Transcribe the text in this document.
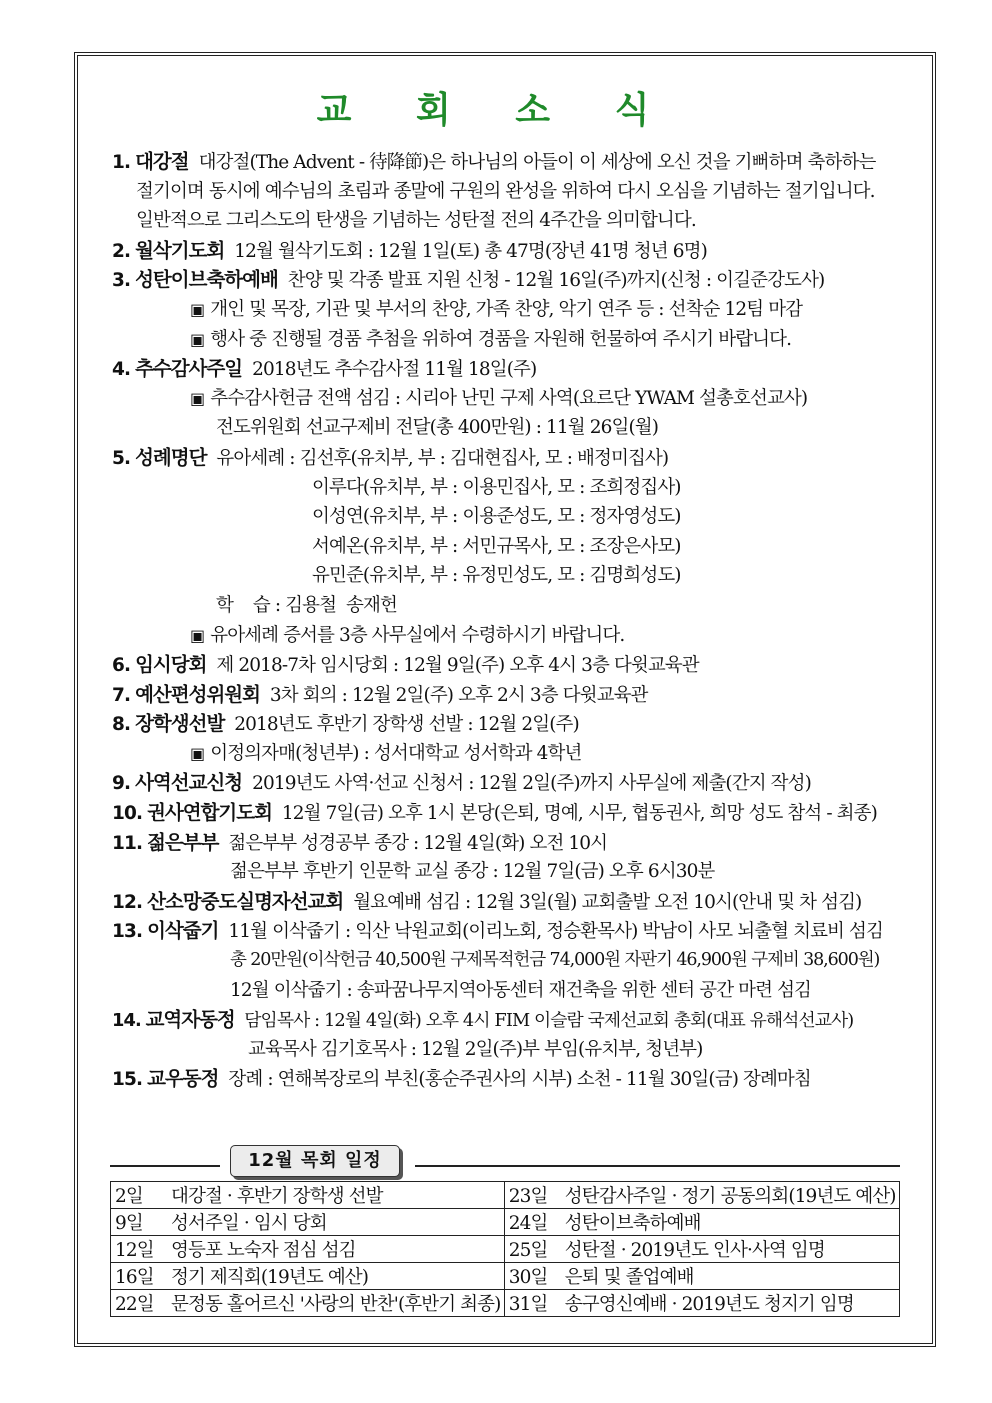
교 회 소 식
1. 대강절 대강절(The Advent - 待降節)은 하나님의 아들이 이 세상에 오신 것을 기뻐하며 축하하는
절기이며 동시에 예수님의 초림과 종말에 구원의 완성을 위하여 다시 오심을 기념하는 절기입니다.
일반적으로 그리스도의 탄생을 기념하는 성탄절 전의 4주간을 의미합니다.
2. 월삭기도회 12월 월삭기도회 : 12월 1일(토) 총 47명(장년 41명 청년 6명)
3. 성탄이브축하예배 찬양 및 각종 발표 지원 신청 - 12월 16일(주)까지(신청 : 이길준강도사)
▣ 개인 및 목장, 기관 및 부서의 찬양, 가족 찬양, 악기 연주 등 : 선착순 12팀 마감
▣ 행사 중 진행될 경품 추첨을 위하여 경품을 자원해 헌물하여 주시기 바랍니다.
4. 추수감사주일 2018년도 추수감사절 11월 18일(주)
▣ 추수감사헌금 전액 섬김 : 시리아 난민 구제 사역(요르단 YWAM 설총호선교사)
전도위원회 선교구제비 전달(총 400만원) : 11월 26일(월)
5. 성례명단 유아세례 : 김선후(유치부, 부 : 김대현집사, 모 : 배정미집사)
이루다(유치부, 부 : 이용민집사, 모 : 조희정집사)
이성연(유치부, 부 : 이용준성도, 모 : 정자영성도)
서예온(유치부, 부 : 서민규목사, 모 : 조장은사모)
유민준(유치부, 부 : 유정민성도, 모 : 김명희성도)
학    습 : 김용철  송재헌
▣ 유아세례 증서를 3층 사무실에서 수령하시기 바랍니다.
6. 임시당회 제 2018-7차 임시당회 : 12월 9일(주) 오후 4시 3층 다윗교육관
7. 예산편성위원회 3차 회의 : 12월 2일(주) 오후 2시 3층 다윗교육관
8. 장학생선발 2018년도 후반기 장학생 선발 : 12월 2일(주)
▣ 이정의자매(청년부) : 성서대학교 성서학과 4학년
9. 사역선교신청 2019년도 사역·선교 신청서 : 12월 2일(주)까지 사무실에 제출(간지 작성)
10. 권사연합기도회 12월 7일(금) 오후 1시 본당(은퇴, 명예, 시무, 협동권사, 희망 성도 참석 - 최종)
11. 젊은부부 젊은부부 성경공부 종강 : 12월 4일(화) 오전 10시
젊은부부 후반기 인문학 교실 종강 : 12월 7일(금) 오후 6시30분
12. 산소망중도실명자선교회 월요예배 섬김 : 12월 3일(월) 교회출발 오전 10시(안내 및 차 섬김)
13. 이삭줍기 11월 이삭줍기 : 익산 낙원교회(이리노회, 정승환목사) 박남이 사모 뇌출혈 치료비 섬김
총 20만원(이삭헌금 40,500원 구제목적헌금 74,000원 자판기 46,900원 구제비 38,600원)
12월 이삭줍기 : 송파꿈나무지역아동센터 재건축을 위한 센터 공간 마련 섬김
14. 교역자동정 담임목사 : 12월 4일(화) 오후 4시 FIM 이슬람 국제선교회 총회(대표 유해석선교사)
교육목사 김기호목사 : 12월 2일(주)부 부임(유치부, 청년부)
15. 교우동정 장례 : 연해복장로의 부친(홍순주권사의 시부) 소천 - 11월 30일(금) 장례마침
12월 목회 일정
2일	대강절 · 후반기 장학생 선발	23일	성탄감사주일 · 정기 공동의회(19년도 예산)
9일	성서주일 · 임시 당회	24일	성탄이브축하예배
12일	영등포 노숙자 점심 섬김	25일	성탄절 · 2019년도 인사·사역 임명
16일	정기 제직회(19년도 예산)	30일	은퇴 및 졸업예배
22일	문정동 홀어르신 '사랑의 반찬'(후반기 최종)	31일	송구영신예배 · 2019년도 청지기 임명
